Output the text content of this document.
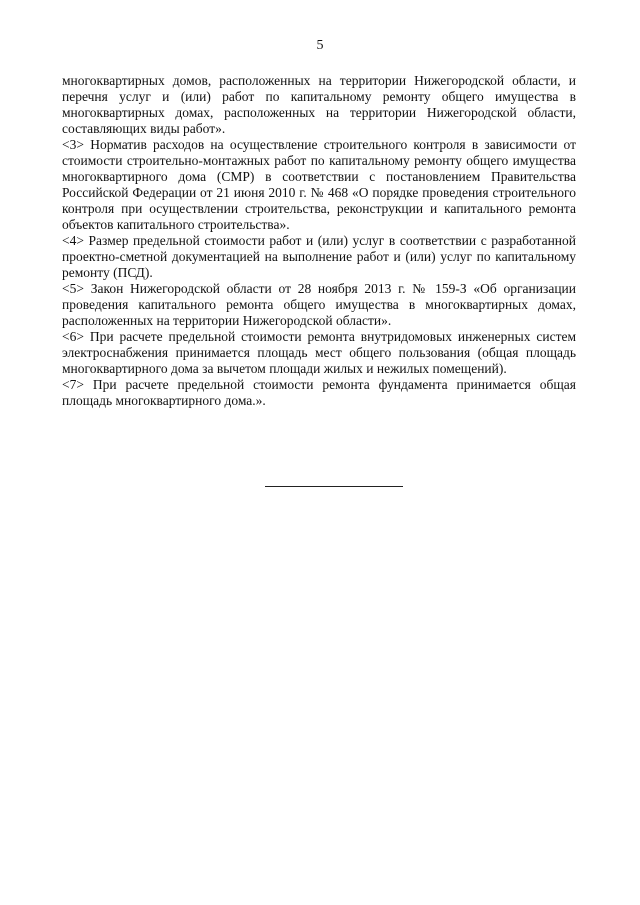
5

многоквартирных домов, расположенных на территории Нижегородской области, и перечня услуг и (или) работ по капитальному ремонту общего имущества в многоквартирных домах, расположенных на территории Нижегородской области, составляющих виды работ».

<3> Норматив расходов на осуществление строительного контроля в зависимости от стоимости строительно-монтажных работ по капитальному ремонту общего имущества многоквартирного дома (СМР) в соответствии с постановлением Правительства Российской Федерации от 21 июня 2010 г. № 468 «О порядке проведения строительного контроля при осуществлении строительства, реконструкции и капитального ремонта объектов капитального строительства».

<4> Размер предельной стоимости работ и (или) услуг в соответствии с разработанной проектно-сметной документацией на выполнение работ и (или) услуг по капитальному ремонту (ПСД).

<5> Закон Нижегородской области от 28 ноября 2013 г. № 159-З «Об организации проведения капитального ремонта общего имущества в многоквартирных домах, расположенных на территории Нижегородской области».

<6> При расчете предельной стоимости ремонта внутридомовых инженерных систем электроснабжения принимается площадь мест общего пользования (общая площадь многоквартирного дома за вычетом площади жилых и нежилых помещений).

<7> При расчете предельной стоимости ремонта фундамента принимается общая площадь многоквартирного дома.».
